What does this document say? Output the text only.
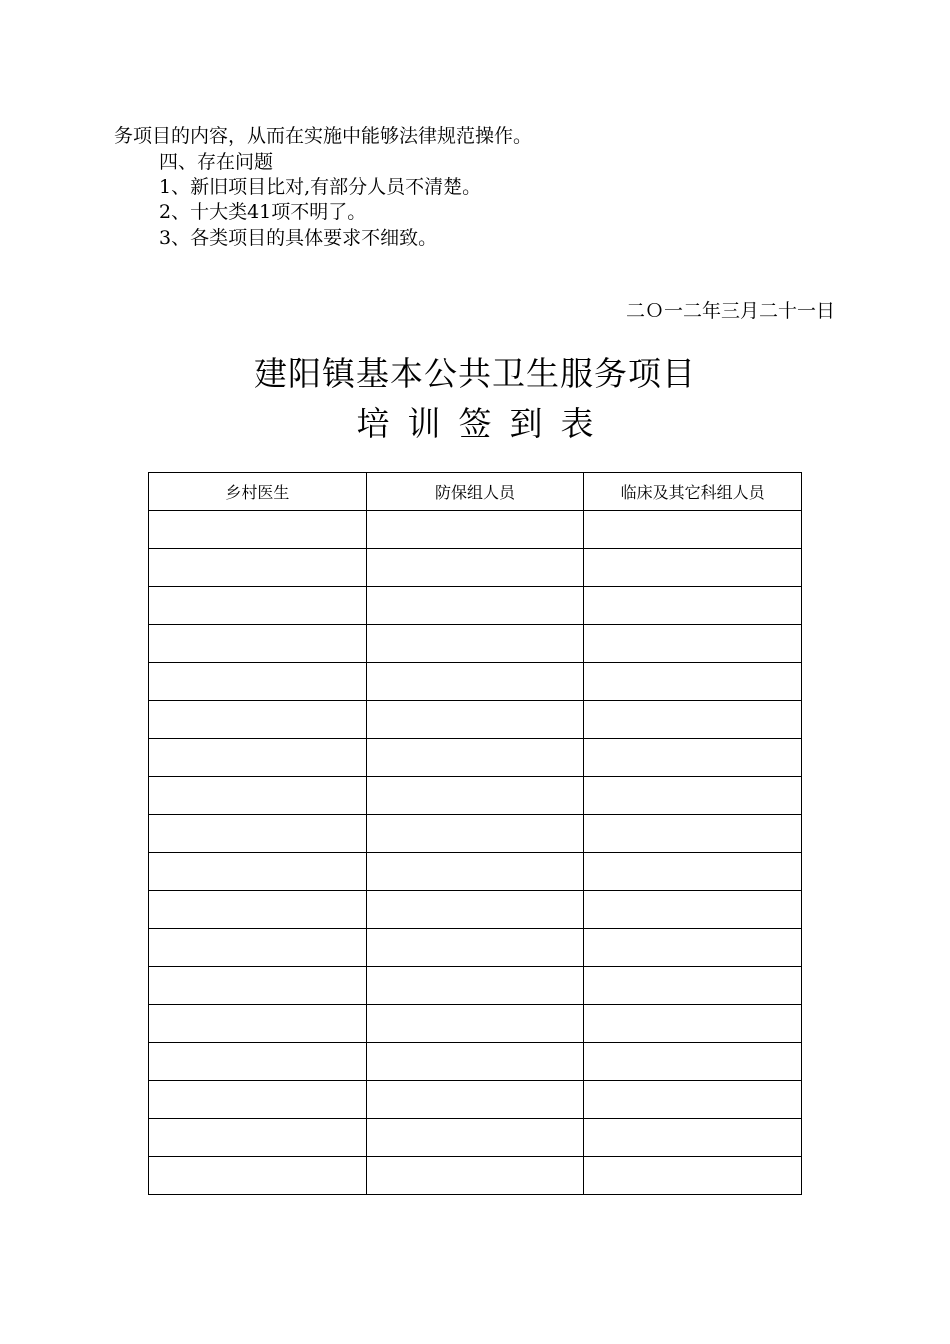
务项目的内容，从而在实施中能够法律规范操作。
四、存在问题
1、新旧项目比对,有部分人员不清楚。
2、十大类41项不明了。
3、各类项目的具体要求不细致。
二Ｏ一二年三月二十一日
建阳镇基本公共卫生服务项目
培训签到表
乡村医生	防保组人员	临床及其它科组人员
